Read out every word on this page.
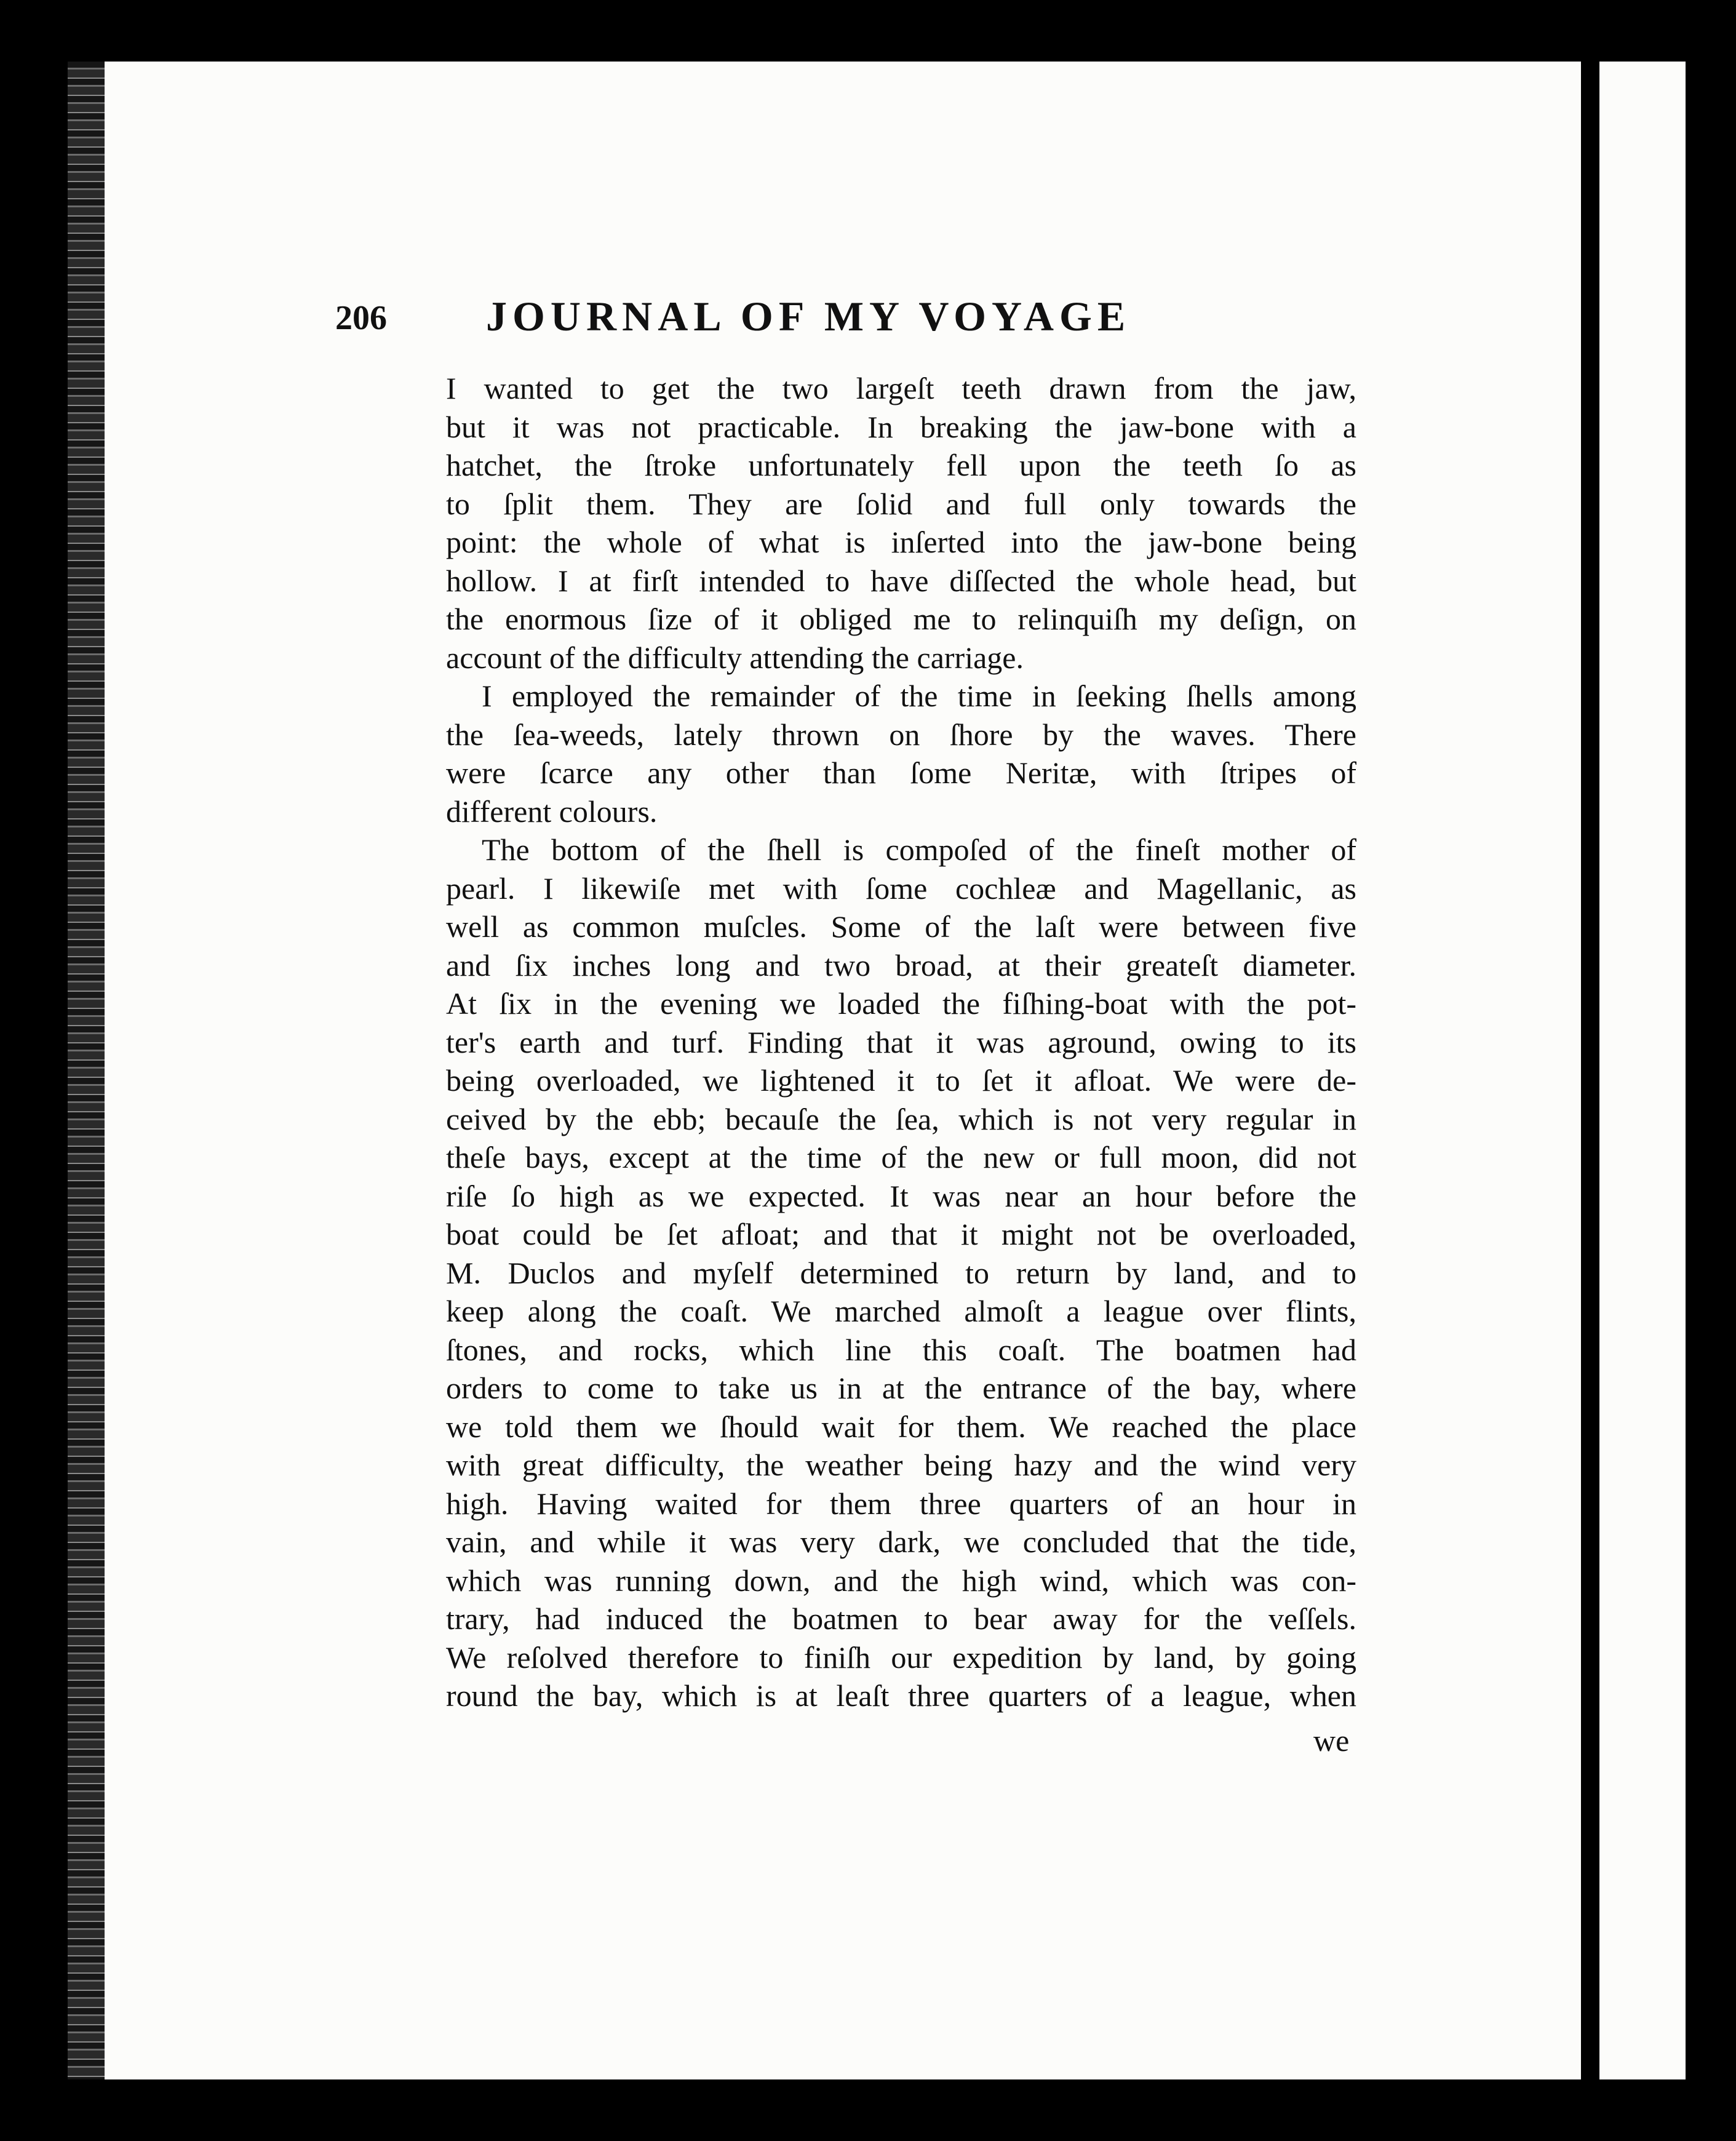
206 JOURNAL OF MY VOYAGE
I wanted to get the two largeſt teeth drawn from the jaw,
but it was not practicable. In breaking the jaw-bone with a
hatchet, the ſtroke unfortunately fell upon the teeth ſo as
to ſplit them. They are ſolid and full only towards the
point: the whole of what is inſerted into the jaw-bone being
hollow. I at firſt intended to have diſſected the whole head, but
the enormous ſize of it obliged me to relinquiſh my deſign, on
account of the difficulty attending the carriage.
I employed the remainder of the time in ſeeking ſhells among
the ſea-weeds, lately thrown on ſhore by the waves. There
were ſcarce any other than ſome Neritæ, with ſtripes of
different colours.
The bottom of the ſhell is compoſed of the fineſt mother of
pearl. I likewiſe met with ſome cochleæ and Magellanic, as
well as common muſcles. Some of the laſt were between five
and ſix inches long and two broad, at their greateſt diameter.
At ſix in the evening we loaded the fiſhing-boat with the pot-
ter's earth and turf. Finding that it was aground, owing to its
being overloaded, we lightened it to ſet it afloat. We were de-
ceived by the ebb; becauſe the ſea, which is not very regular in
theſe bays, except at the time of the new or full moon, did not
riſe ſo high as we expected. It was near an hour before the
boat could be ſet afloat; and that it might not be overloaded,
M. Duclos and myſelf determined to return by land, and to
keep along the coaſt. We marched almoſt a league over flints,
ſtones, and rocks, which line this coaſt. The boatmen had
orders to come to take us in at the entrance of the bay, where
we told them we ſhould wait for them. We reached the place
with great difficulty, the weather being hazy and the wind very
high. Having waited for them three quarters of an hour in
vain, and while it was very dark, we concluded that the tide,
which was running down, and the high wind, which was con-
trary, had induced the boatmen to bear away for the veſſels.
We reſolved therefore to finiſh our expedition by land, by going
round the bay, which is at leaſt three quarters of a league, when
we
